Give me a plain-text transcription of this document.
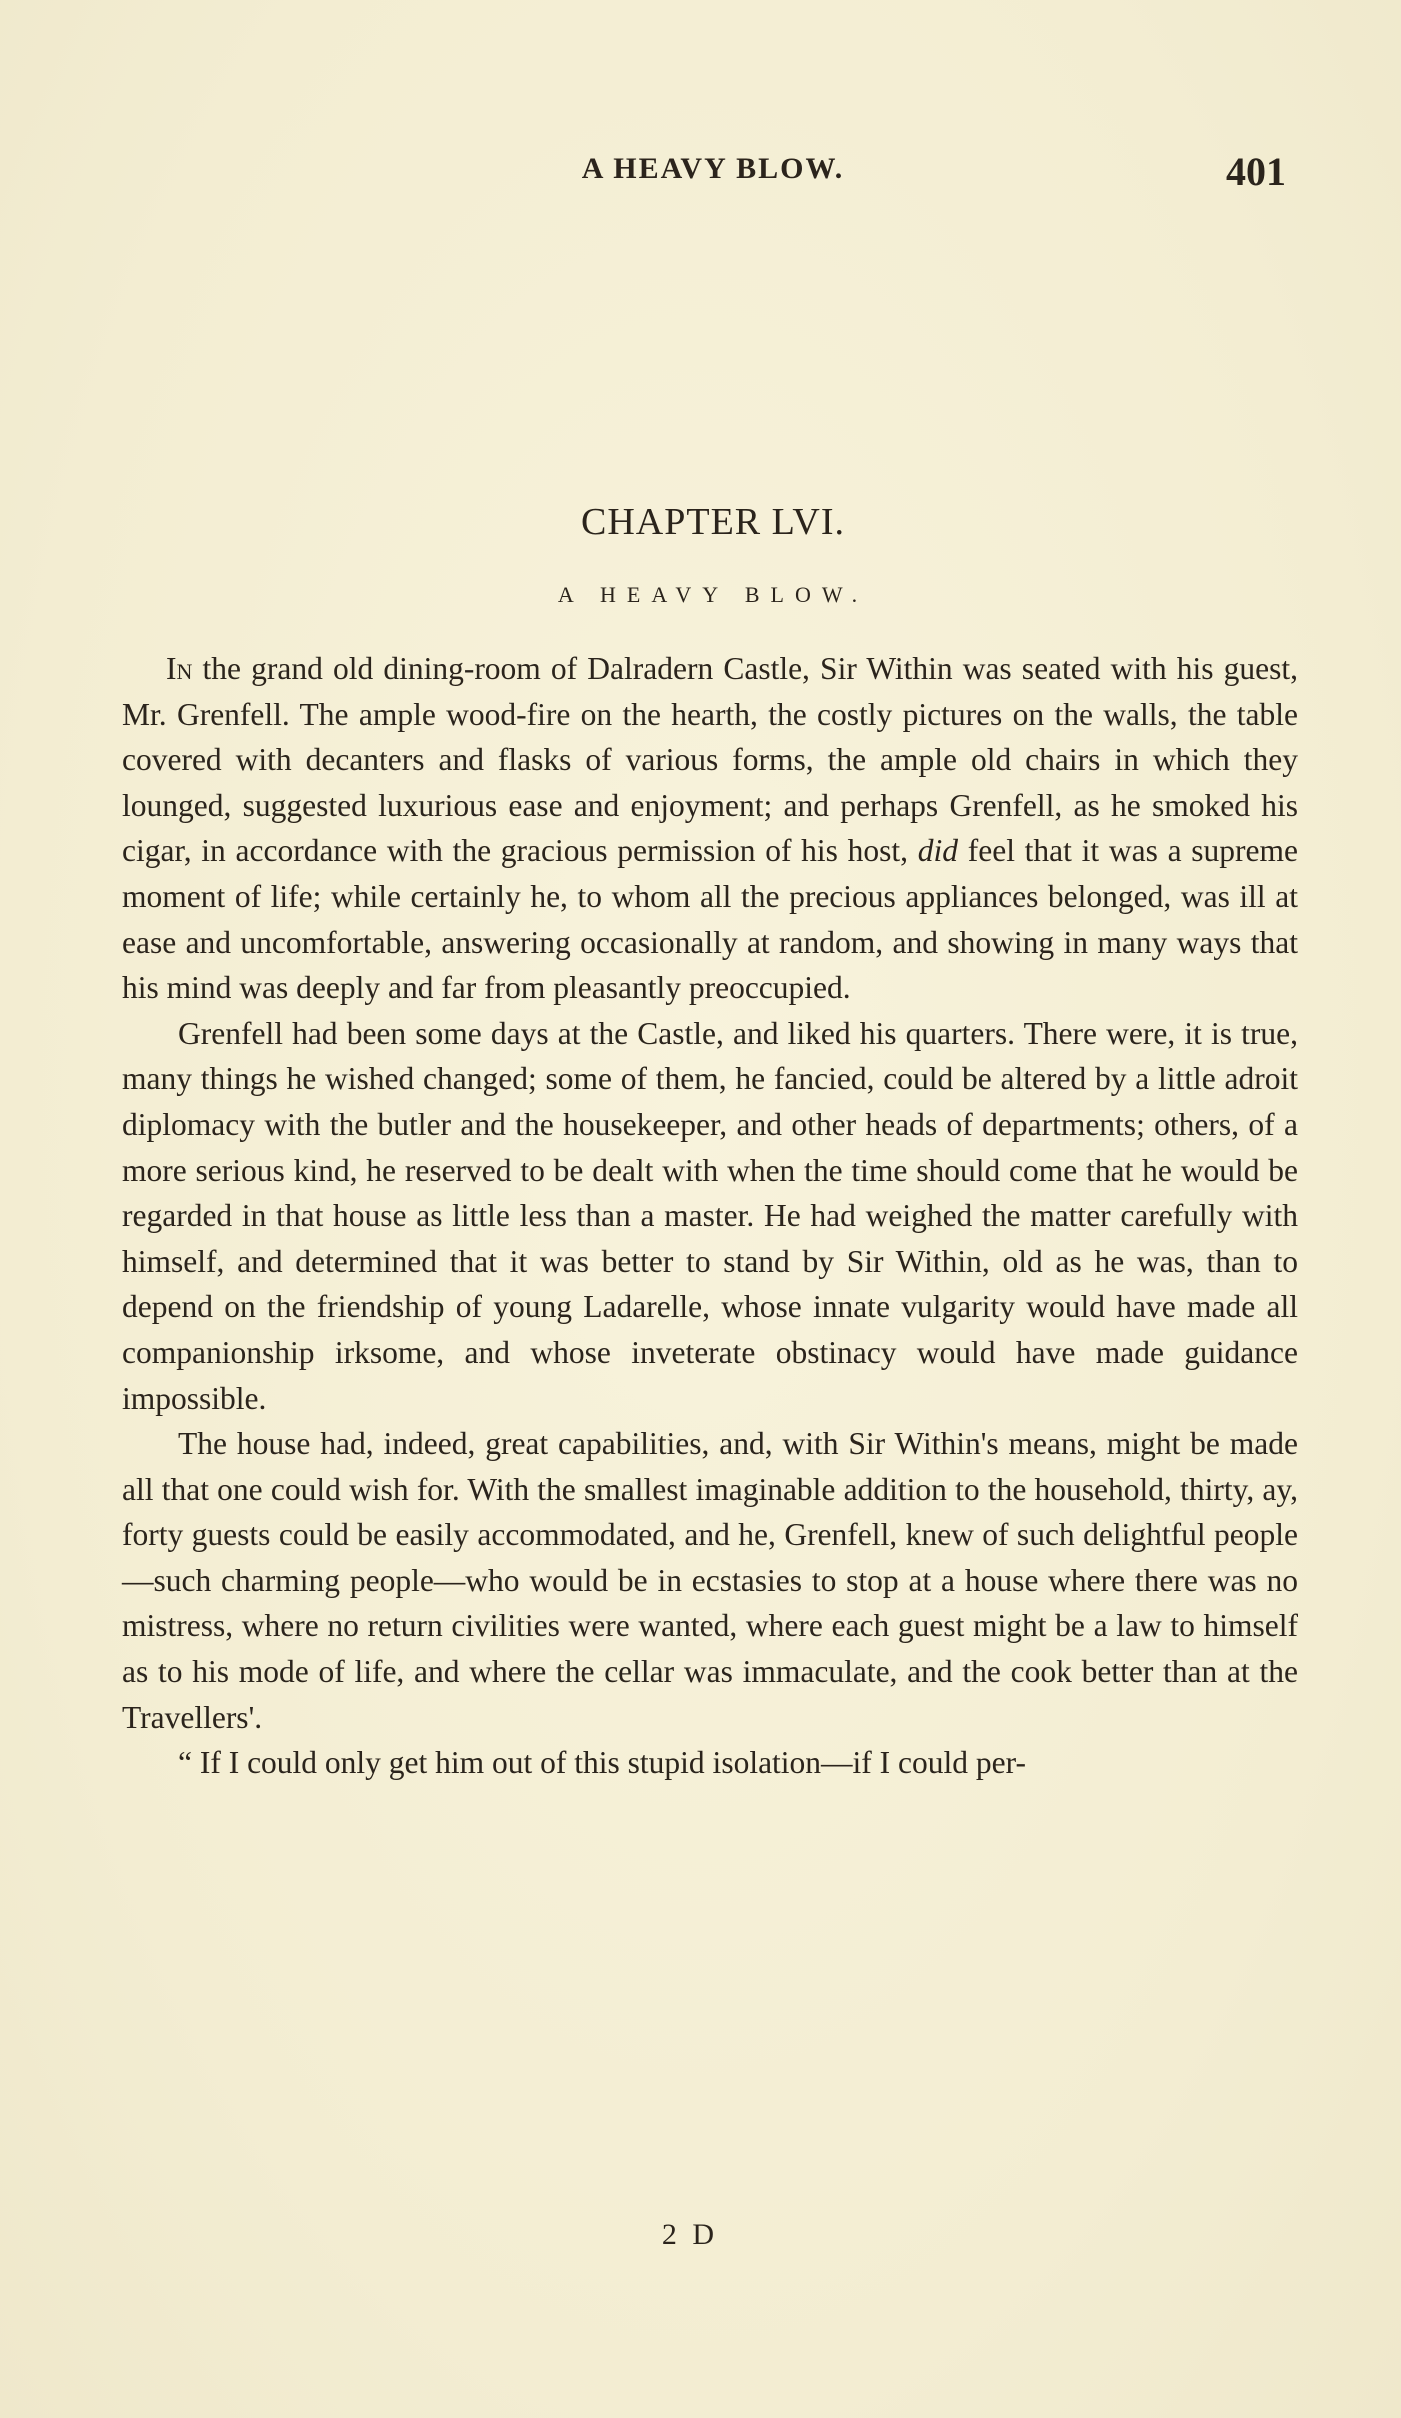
A HEAVY BLOW.	401
CHAPTER LVI.
A HEAVY BLOW.

In the grand old dining-room of Dalradern Castle, Sir Within was seated with his guest, Mr. Grenfell. The ample wood-fire on the hearth, the costly pictures on the walls, the table covered with decanters and flasks of various forms, the ample old chairs in which they lounged, suggested luxurious ease and enjoyment; and perhaps Grenfell, as he smoked his cigar, in accordance with the gracious permission of his host, did feel that it was a supreme moment of life; while certainly he, to whom all the precious appliances belonged, was ill at ease and uncomfortable, answering occasionally at random, and showing in many ways that his mind was deeply and far from pleasantly preoccupied.

Grenfell had been some days at the Castle, and liked his quarters. There were, it is true, many things he wished changed; some of them, he fancied, could be altered by a little adroit diplomacy with the butler and the housekeeper, and other heads of departments; others, of a more serious kind, he reserved to be dealt with when the time should come that he would be regarded in that house as little less than a master. He had weighed the matter carefully with himself, and determined that it was better to stand by Sir Within, old as he was, than to depend on the friendship of young Ladarelle, whose innate vulgarity would have made all companionship irksome, and whose inveterate obstinacy would have made guidance impossible.

The house had, indeed, great capabilities, and, with Sir Within's means, might be made all that one could wish for. With the smallest imaginable addition to the household, thirty, ay, forty guests could be easily accommodated, and he, Grenfell, knew of such delightful people —such charming people—who would be in ecstasies to stop at a house where there was no mistress, where no return civilities were wanted, where each guest might be a law to himself as to his mode of life, and where the cellar was immaculate, and the cook better than at the Travellers'.

“ If I could only get him out of this stupid isolation—if I could per-

2 D
